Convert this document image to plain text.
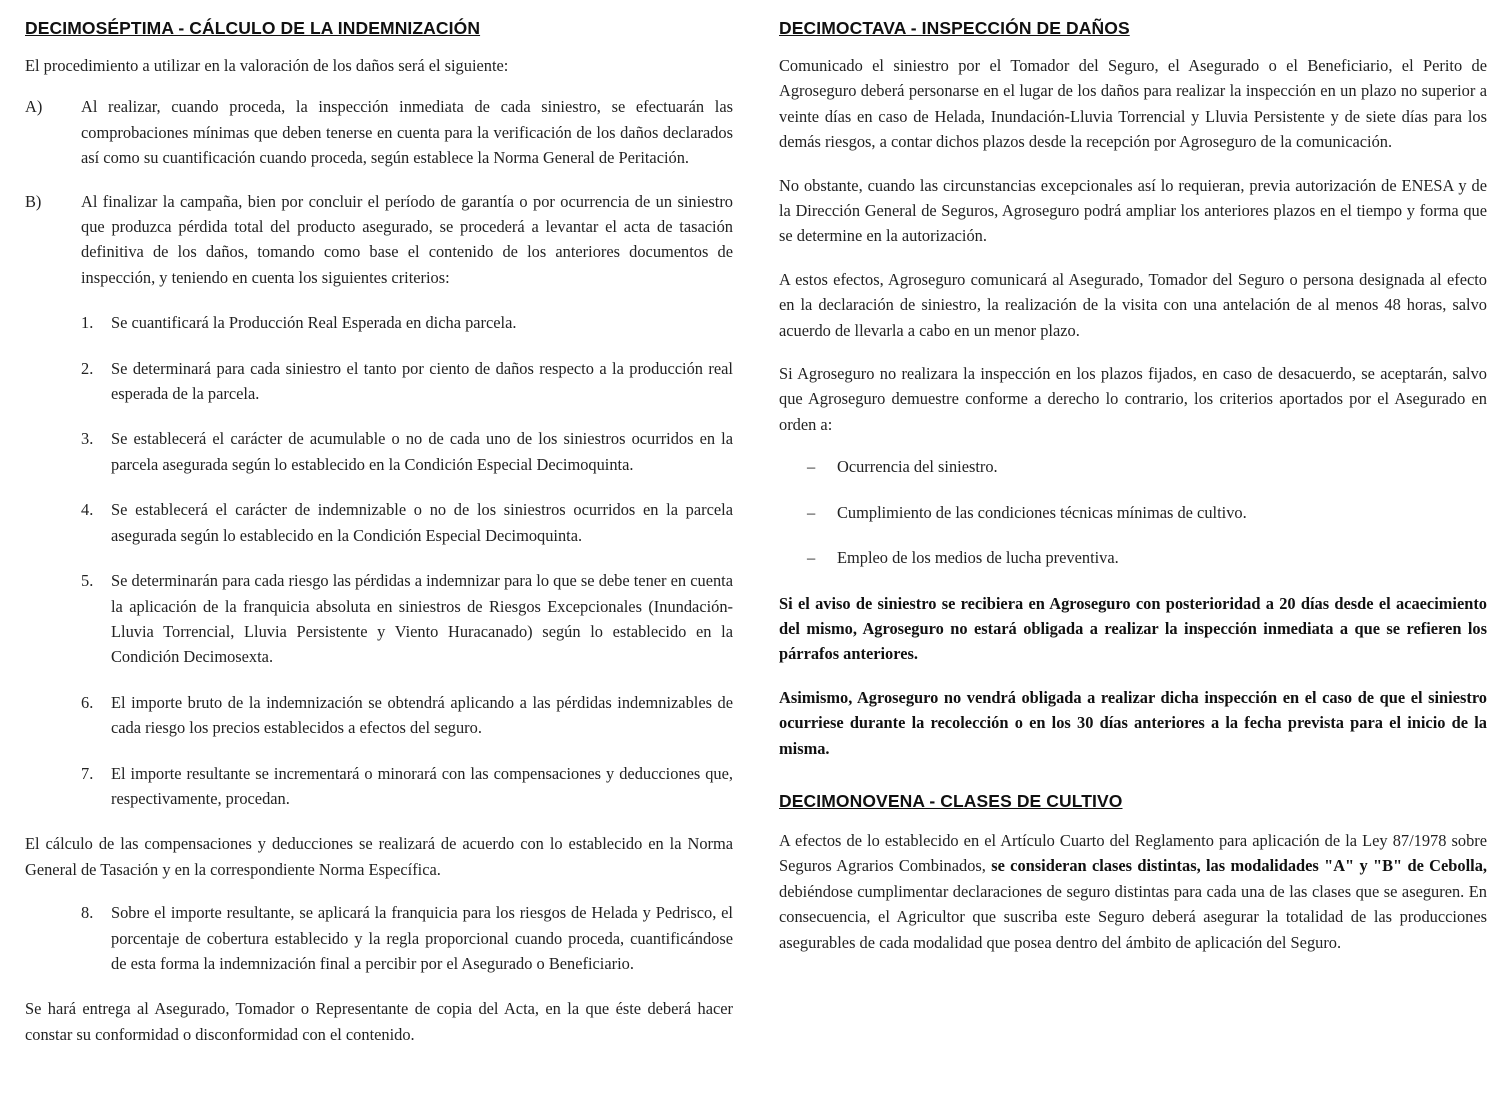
DECIMOSÉPTIMA - CÁLCULO DE LA INDEMNIZACIÓN

El procedimiento a utilizar en la valoración de los daños será el siguiente:

A) Al realizar, cuando proceda, la inspección inmediata de cada siniestro, se efectuarán las comprobaciones mínimas que deben tenerse en cuenta para la verificación de los daños declarados así como su cuantificación cuando proceda, según establece la Norma General de Peritación.

B) Al finalizar la campaña, bien por concluir el período de garantía o por ocurrencia de un siniestro que produzca pérdida total del producto asegurado, se procederá a levantar el acta de tasación definitiva de los daños, tomando como base el contenido de los anteriores documentos de inspección, y teniendo en cuenta los siguientes criterios:

1. Se cuantificará la Producción Real Esperada en dicha parcela.

2. Se determinará para cada siniestro el tanto por ciento de daños respecto a la producción real esperada de la parcela.

3. Se establecerá el carácter de acumulable o no de cada uno de los siniestros ocurridos en la parcela asegurada según lo establecido en la Condición Especial Decimoquinta.

4. Se establecerá el carácter de indemnizable o no de los siniestros ocurridos en la parcela asegurada según lo establecido en la Condición Especial Decimoquinta.

5. Se determinarán para cada riesgo las pérdidas a indemnizar para lo que se debe tener en cuenta la aplicación de la franquicia absoluta en siniestros de Riesgos Excepcionales (Inundación-Lluvia Torrencial, Lluvia Persistente y Viento Huracanado) según lo establecido en la Condición Decimosexta.

6. El importe bruto de la indemnización se obtendrá aplicando a las pérdidas indemnizables de cada riesgo los precios establecidos a efectos del seguro.

7. El importe resultante se incrementará o minorará con las compensaciones y deducciones que, respectivamente, procedan.

El cálculo de las compensaciones y deducciones se realizará de acuerdo con lo establecido en la Norma General de Tasación y en la correspondiente Norma Específica.

8. Sobre el importe resultante, se aplicará la franquicia para los riesgos de Helada y Pedrisco, el porcentaje de cobertura establecido y la regla proporcional cuando proceda, cuantificándose de esta forma la indemnización final a percibir por el Asegurado o Beneficiario.

Se hará entrega al Asegurado, Tomador o Representante de copia del Acta, en la que éste deberá hacer constar su conformidad o disconformidad con el contenido.

DECIMOCTAVA - INSPECCIÓN DE DAÑOS

Comunicado el siniestro por el Tomador del Seguro, el Asegurado o el Beneficiario, el Perito de Agroseguro deberá personarse en el lugar de los daños para realizar la inspección en un plazo no superior a veinte días en caso de Helada, Inundación-Lluvia Torrencial y Lluvia Persistente y de siete días para los demás riesgos, a contar dichos plazos desde la recepción por Agroseguro de la comunicación.

No obstante, cuando las circunstancias excepcionales así lo requieran, previa autorización de ENESA y de la Dirección General de Seguros, Agroseguro podrá ampliar los anteriores plazos en el tiempo y forma que se determine en la autorización.

A estos efectos, Agroseguro comunicará al Asegurado, Tomador del Seguro o persona designada al efecto en la declaración de siniestro, la realización de la visita con una antelación de al menos 48 horas, salvo acuerdo de llevarla a cabo en un menor plazo.

Si Agroseguro no realizara la inspección en los plazos fijados, en caso de desacuerdo, se aceptarán, salvo que Agroseguro demuestre conforme a derecho lo contrario, los criterios aportados por el Asegurado en orden a:

– Ocurrencia del siniestro.

– Cumplimiento de las condiciones técnicas mínimas de cultivo.

– Empleo de los medios de lucha preventiva.

Si el aviso de siniestro se recibiera en Agroseguro con posterioridad a 20 días desde el acaecimiento del mismo, Agroseguro no estará obligada a realizar la inspección inmediata a que se refieren los párrafos anteriores.

Asimismo, Agroseguro no vendrá obligada a realizar dicha inspección en el caso de que el siniestro ocurriese durante la recolección o en los 30 días anteriores a la fecha prevista para el inicio de la misma.

DECIMONOVENA - CLASES DE CULTIVO

A efectos de lo establecido en el Artículo Cuarto del Reglamento para aplicación de la Ley 87/1978 sobre Seguros Agrarios Combinados, se consideran clases distintas, las modalidades "A" y "B" de Cebolla, debiéndose cumplimentar declaraciones de seguro distintas para cada una de las clases que se aseguren. En consecuencia, el Agricultor que suscriba este Seguro deberá asegurar la totalidad de las producciones asegurables de cada modalidad que posea dentro del ámbito de aplicación del Seguro.
